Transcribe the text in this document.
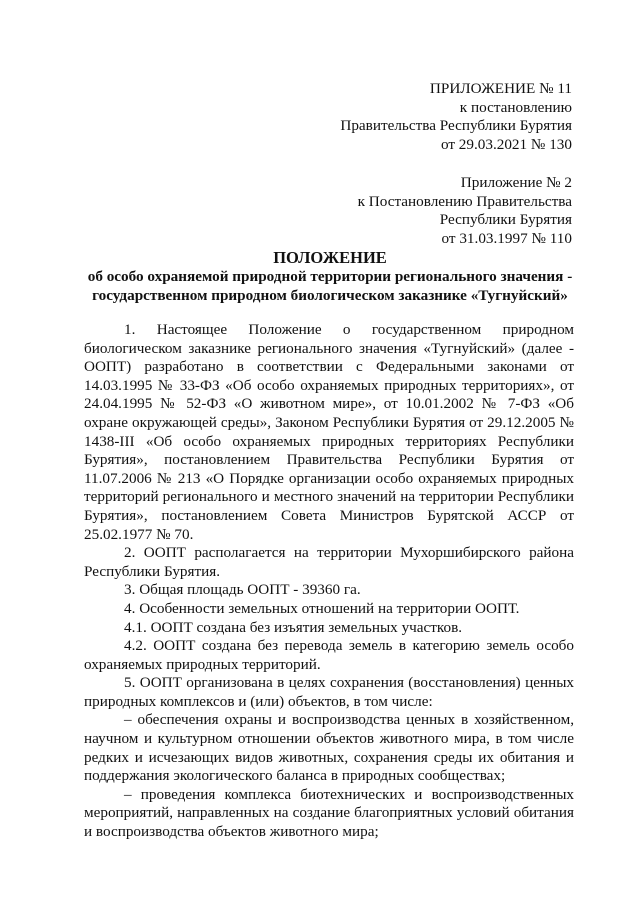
ПРИЛОЖЕНИЕ № 11
к постановлению
Правительства Республики Бурятия
от 29.03.2021 № 130
Приложение № 2
к Постановлению Правительства
Республики Бурятия
от 31.03.1997 № 110
ПОЛОЖЕНИЕ
об особо охраняемой природной территории регионального значения -
государственном природном биологическом заказнике «Тугнуйский»

1. Настоящее Положение о государственном природном биологическом заказнике регионального значения «Тугнуйский» (далее - ООПТ) разработано в соответствии с Федеральными законами от 14.03.1995 № 33-ФЗ «Об особо охраняемых природных территориях», от 24.04.1995 № 52-ФЗ «О животном мире», от 10.01.2002 № 7-ФЗ «Об охране окружающей среды», Законом Республики Бурятия от 29.12.2005 № 1438-III «Об особо охраняемых природных территориях Республики Бурятия», постановлением Правительства Республики Бурятия от 11.07.2006 № 213 «О Порядке организации особо охраняемых природных территорий регионального и местного значений на территории Республики Бурятия», постановлением Совета Министров Бурятской АССР от 25.02.1977 № 70.

2. ООПТ располагается на территории Мухоршибирского района Республики Бурятия.

3. Общая площадь ООПТ - 39360 га.

4. Особенности земельных отношений на территории ООПТ.

4.1. ООПТ создана без изъятия земельных участков.

4.2. ООПТ создана без перевода земель в категорию земель особо охраняемых природных территорий.

5. ООПТ организована в целях сохранения (восстановления) ценных природных комплексов и (или) объектов, в том числе:

– обеспечения охраны и воспроизводства ценных в хозяйственном, научном и культурном отношении объектов животного мира, в том числе редких и исчезающих видов животных, сохранения среды их обитания и поддержания экологического баланса в природных сообществах;

– проведения комплекса биотехнических и воспроизводственных мероприятий, направленных на создание благоприятных условий обитания и воспроизводства объектов животного мира;
